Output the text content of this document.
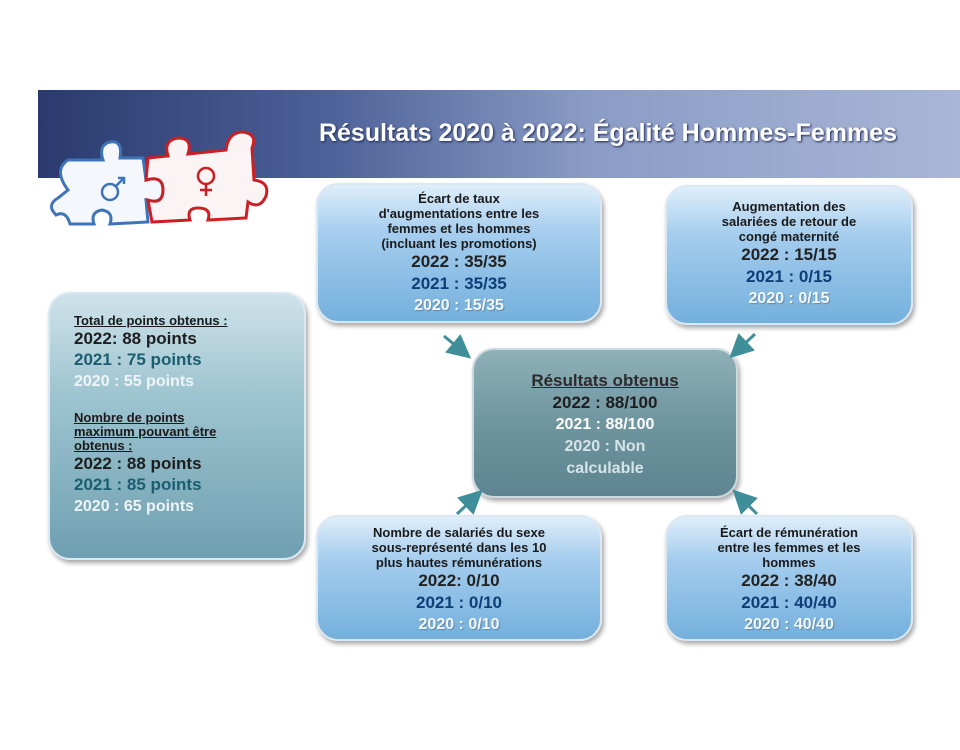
Résultats 2020 à 2022: Égalité Hommes-Femmes
Écart de taux
d'augmentations entre les
femmes et les hommes
(incluant les promotions)
2022 : 35/35
2021 : 35/35
2020 : 15/35
Augmentation des
salariées de retour de
congé maternité
2022 : 15/15
2021 : 0/15
2020 : 0/15
Total de points obtenus :
2022: 88 points
2021 : 75 points
2020 : 55 points
Nombre de points
maximum pouvant être
obtenus :
2022 : 88 points
2021 : 85 points
2020 : 65 points
Résultats obtenus
2022 : 88/100
2021 : 88/100
2020 : Non
calculable
Nombre de salariés du sexe
sous-représenté dans les 10
plus hautes rémunérations
2022: 0/10
2021 : 0/10
2020 : 0/10
Écart de rémunération
entre les femmes et les
hommes
2022 : 38/40
2021 : 40/40
2020 : 40/40
